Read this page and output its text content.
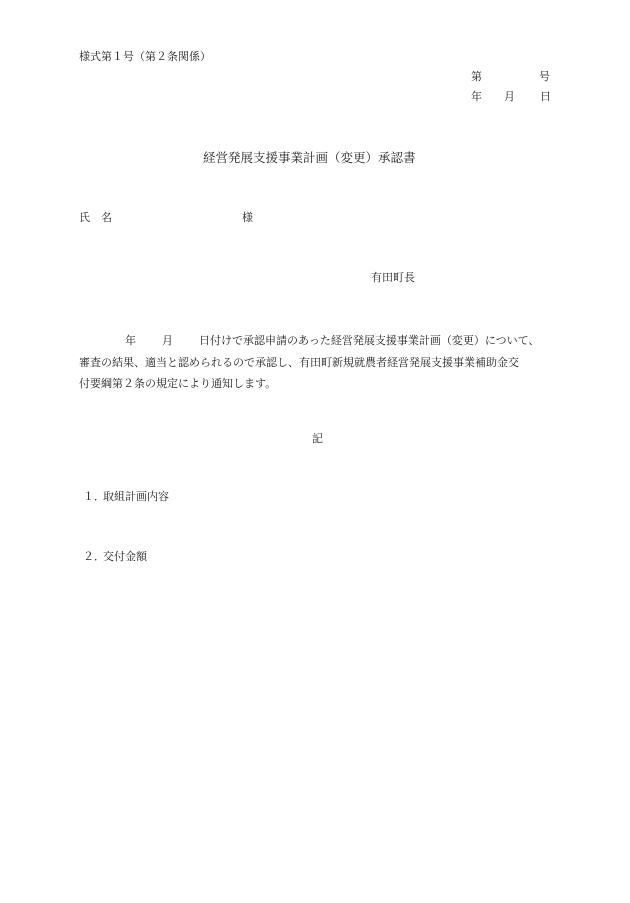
様式第１号（第２条関係）
第	号
年 月 日
経営発展支援事業計画（変更）承認書
氏名	様
有田町長
年 月 日付けで承認申請のあった経営発展支援事業計画（変更）について、
審査の結果、適当と認められるので承認し、有田町新規就農者経営発展支援事業補助金交
付要綱第２条の規定により通知します。
記
１．取組計画内容
２．交付金額
